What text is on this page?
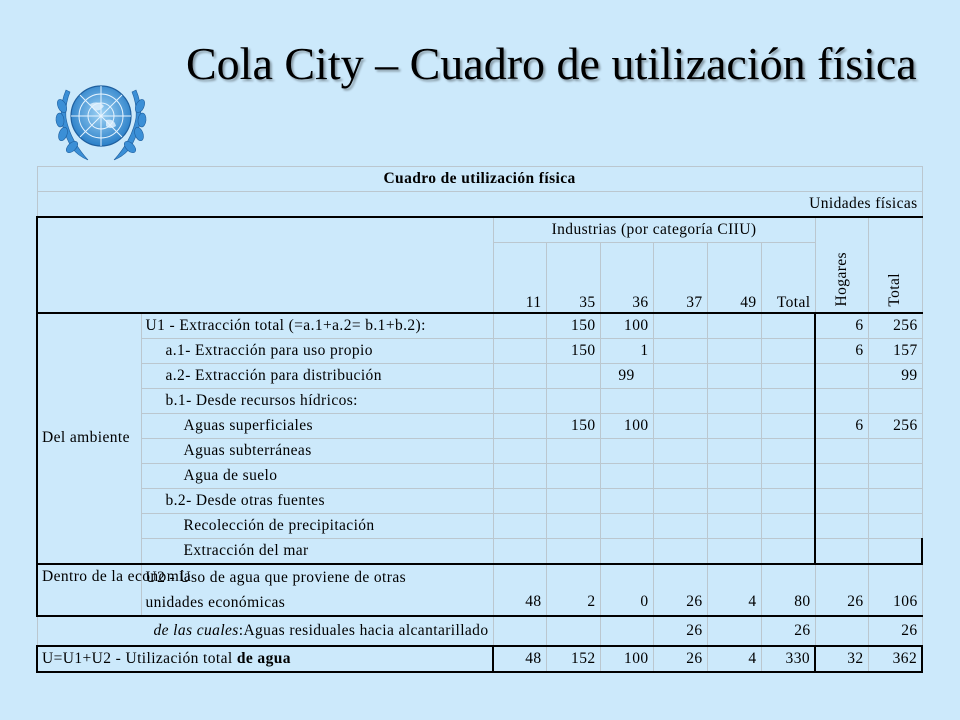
Cola City – Cuadro de utilización física
Cuadro de utilización física									
Unidades físicas									
		Industrias (por categoría CIIU)						Hogares	Total

		11	35	36	37	49	Total		
Del ambiente	U1 - Extracción total (=a.1+a.2= b.1+b.2):		150	100				6	256
	a.1- Extracción para uso propio		150	1				6	157
	a.2- Extracción para distribución			99					99
	b.1- Desde recursos hídricos:								
	Aguas superficiales		150	100				6	256
	Aguas subterráneas								
	Agua de suelo								
	b.2- Desde otras fuentes								
	Recolección de precipitación								
	Extracción del mar								
Dentro de la economía	U2 - Uso de agua que proviene de otras
unidades económicas	48	2	0	26	4	80	26	106
de las cuales:Aguas residuales hacia alcantarillado					26		26		26
U=U1+U2 - Utilización total de agua		48	152	100	26	4	330	32	362
